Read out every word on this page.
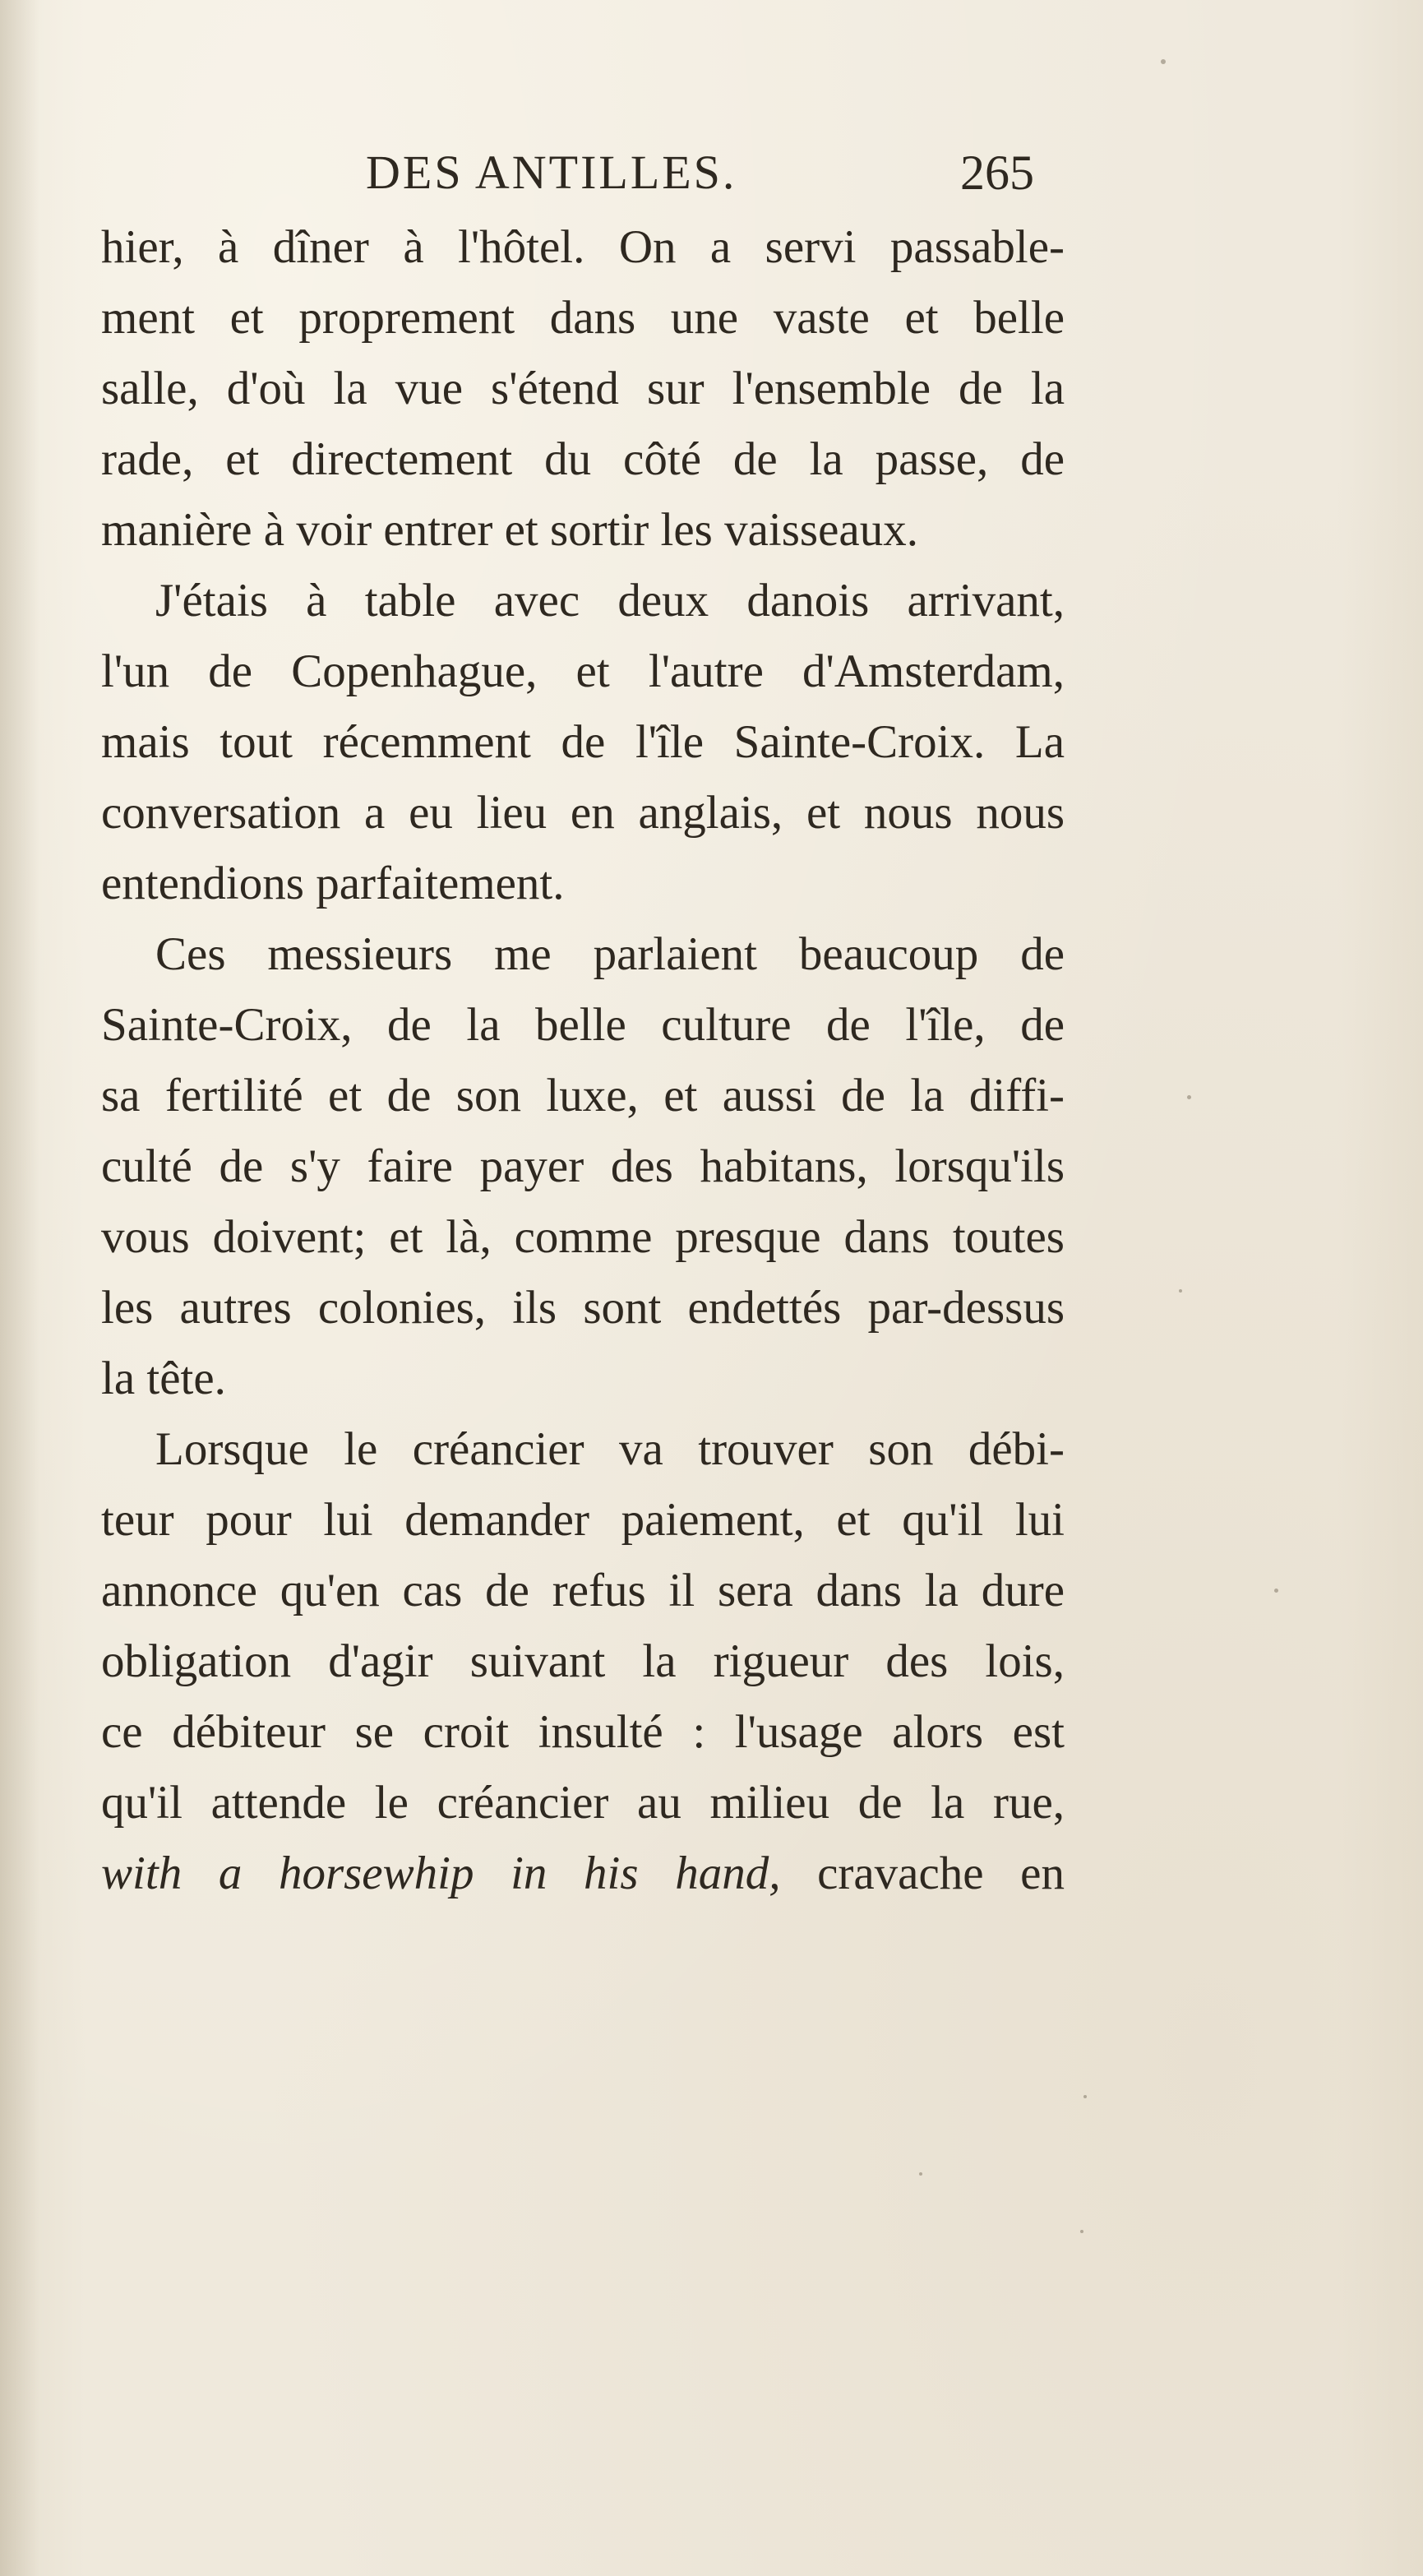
DES ANTILLES.	265

hier, à dîner à l'hôtel. On a servi passable-
ment et proprement dans une vaste et belle
salle, d'où la vue s'étend sur l'ensemble de la
rade, et directement du côté de la passe, de
manière à voir entrer et sortir les vaisseaux.

J'étais à table avec deux danois arrivant,
l'un de Copenhague, et l'autre d'Amsterdam,
mais tout récemment de l'île Sainte-Croix. La
conversation a eu lieu en anglais, et nous nous
entendions parfaitement.

Ces messieurs me parlaient beaucoup de
Sainte-Croix, de la belle culture de l'île, de
sa fertilité et de son luxe, et aussi de la diffi-
culté de s'y faire payer des habitans, lorsqu'ils
vous doivent; et là, comme presque dans toutes
les autres colonies, ils sont endettés par-dessus
la tête.

Lorsque le créancier va trouver son débi-
teur pour lui demander paiement, et qu'il lui
annonce qu'en cas de refus il sera dans la dure
obligation d'agir suivant la rigueur des lois,
ce débiteur se croit insulté : l'usage alors est
qu'il attende le créancier au milieu de la rue,
with a horsewhip in his hand, cravache en
